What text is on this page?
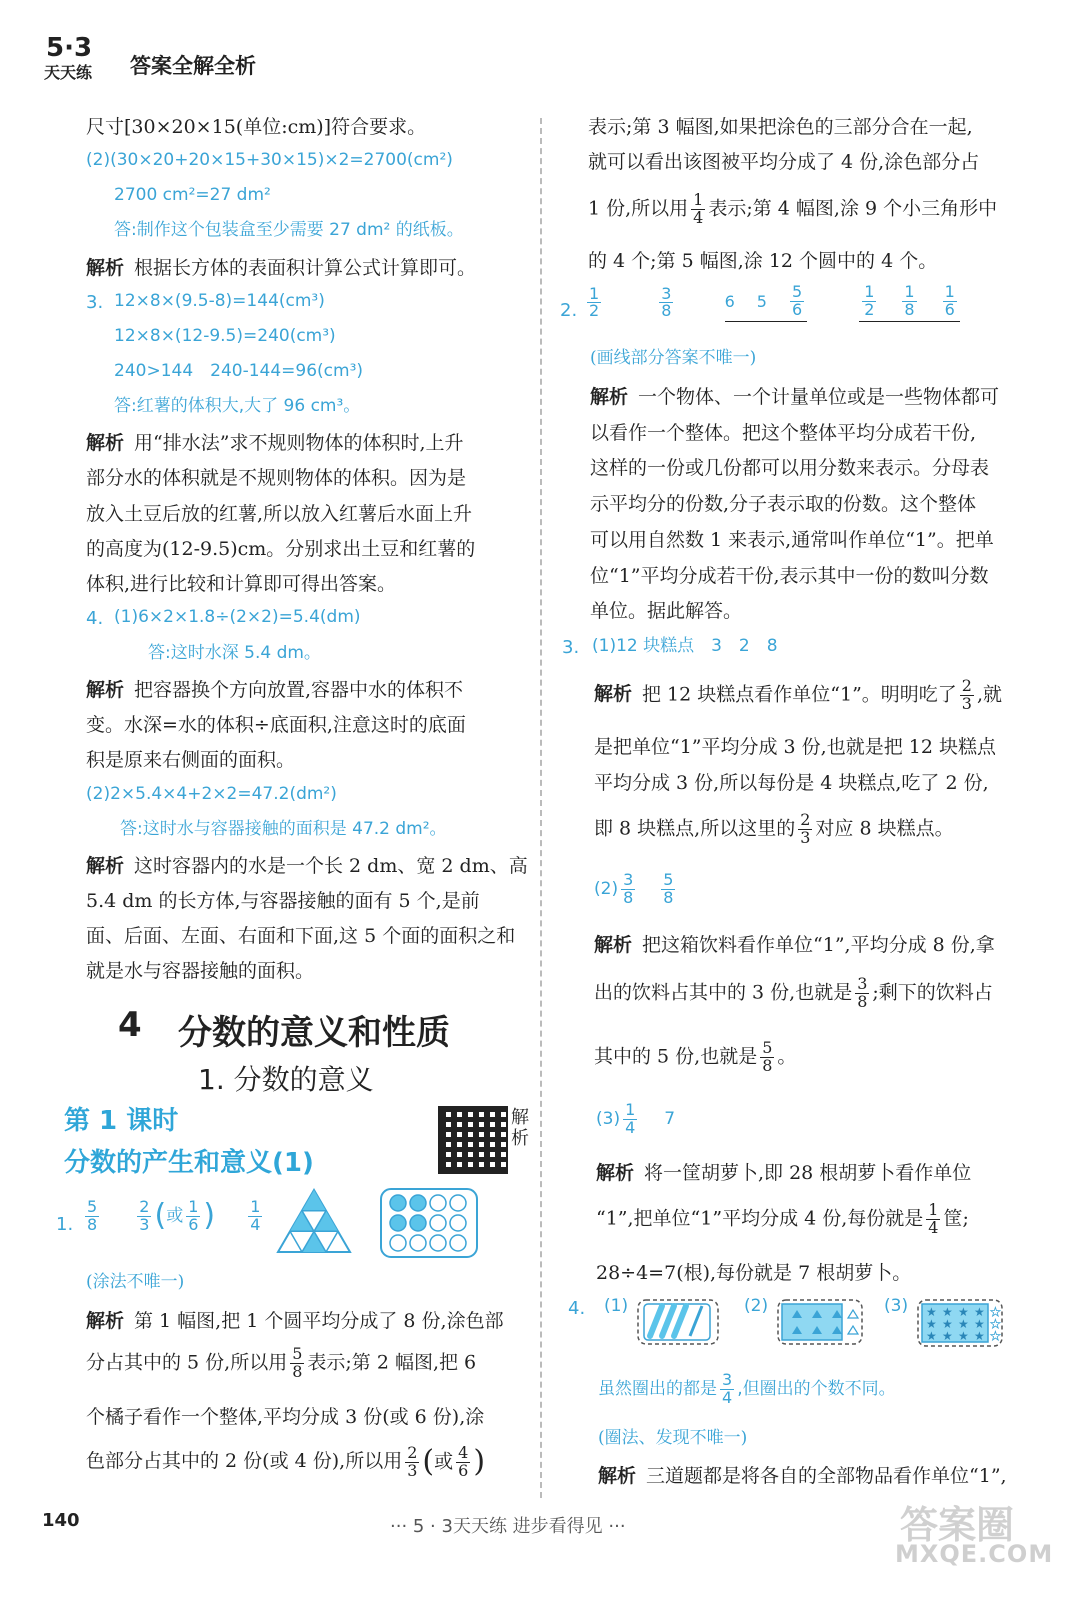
5·3
天天练 答案全解全析
尺寸[30×20×15(单位:cm)]符合要求。
(2)(30×20+20×15+30×15)×2=2700(cm²)
2700 cm²=27 dm²
答:制作这个包装盒至少需要 27 dm² 的纸板。
解析 根据长方体的表面积计算公式计算即可。
3. 12×8×(9.5-8)=144(cm³)
12×8×(12-9.5)=240(cm³)
240>144　240-144=96(cm³)
答:红薯的体积大,大了 96 cm³。
解析 用“排水法”求不规则物体的体积时,上升
部分水的体积就是不规则物体的体积。因为是
放入土豆后放的红薯,所以放入红薯后水面上升
的高度为(12-9.5)cm。分别求出土豆和红薯的
体积,进行比较和计算即可得出答案。
4. (1)6×2×1.8÷(2×2)=5.4(dm)
答:这时水深 5.4 dm。
解析 把容器换个方向放置,容器中水的体积不
变。水深=水的体积÷底面积,注意这时的底面
积是原来右侧面的面积。
(2)2×5.4×4+2×2=47.2(dm²)
答:这时水与容器接触的面积是 47.2 dm²。
解析 这时容器内的水是一个长 2 dm、宽 2 dm、高
5.4 dm 的长方体,与容器接触的面有 5 个,是前
面、后面、左面、右面和下面,这 5 个面的面积之和
就是水与容器接触的面积。
4 分数的意义和性质
1. 分数的意义
第 1 课时
分数的产生和意义(1)
解析
1. $\frac{5}{8}$
$\frac{2}{3}$ (或 $\frac{1}{6}$ ) $\frac{1}{4}$
(涂法不唯一)
解析 第 1 幅图,把 1 个圆平均分成了 8 份,涂色部
分占其中的 5 份,所以用 $\frac{5}{8}$ 表示;第 2 幅图,把 6
个橘子看作一个整体,平均分成 3 份(或 6 份),涂
色部分占其中的 2 份(或 4 份),所以用 $\frac{2}{3}$ (或 $\frac{4}{6}$ )
表示;第 3 幅图,如果把涂色的三部分合在一起,
就可以看出该图被平均分成了 4 份,涂色部分占
1 份,所以用 $\frac{1}{4}$ 表示;第 4 幅图,涂 9 个小三角形中
的 4 个;第 5 幅图,涂 12 个圆中的 4 个。
2. $\frac{1}{2}$
	$\frac{3}{8}$	6 $5 \frac{5}{6}$
	$\frac{1}{2} \frac{1}{8} \frac{1}{6}$
(画线部分答案不唯一)
解析 一个物体、一个计量单位或是一些物体都可
以看作一个整体。把这个整体平均分成若干份,
这样的一份或几份都可以用分数来表示。分母表
示平均分的份数,分子表示取的份数。这个整体
可以用自然数 1 来表示,通常叫作单位“1”。把单
位“1”平均分成若干份,表示其中一份的数叫分数
单位。据此解答。
3. (1)12 块糕点　3　2　8
解析 把 12 块糕点看作单位“1”。明明吃了 $\frac{2}{3}$ ,就
是把单位“1”平均分成 3 份,也就是把 12 块糕点
平均分成 3 份,所以每份是 4 块糕点,吃了 2 份,
即 8 块糕点,所以这里的 $\frac{2}{3}$ 对应 8 块糕点。
$(2) \frac{3}{8} \frac{5}{8}$
解析 把这箱饮料看作单位“1”,平均分成 8 份,拿
出的饮料占其中的 3 份,也就是 $\frac{3}{8}$ ;剩下的饮料占
其中的 5 份,也就是 $\frac{5}{8}$ 。
$(3) \frac{1}{4} 7$
解析 将一筐胡萝卜,即 28 根胡萝卜看作单位
“1”,把单位“1”平均分成 4 份,每份就是 $\frac{1}{4}$ 筐;
28÷4=7(根),每份就是 7 根胡萝卜。
4. (1)	(2)	(3) ★ ★ ★ ★
★ ★ ★ ★
★ ★ ★ ★
★
★
★
虽然圈出的都是 $\frac{3}{4}$ ,但圈出的个数不同。
(圈法、发现不唯一)
解析 三道题都是将各自的全部物品看作单位“1”,
140	··· 5 · 3天天练 进步看得见 ···	答案圈
MXQE.COM
